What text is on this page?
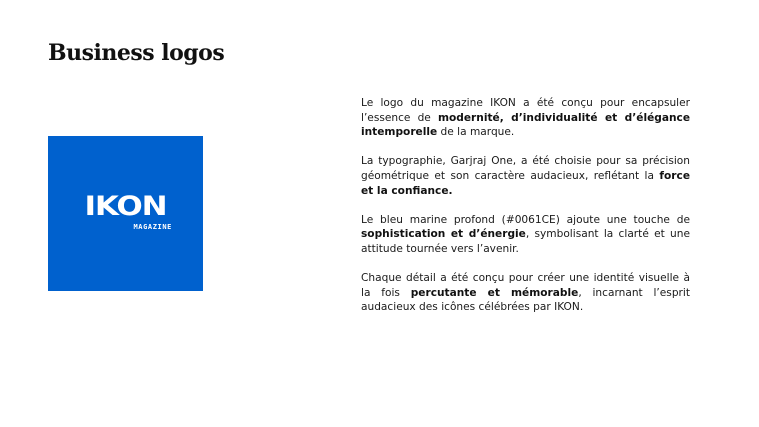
Business logos
IKON
MAGAZINE

Le logo du magazine IKON a été conçu pour encapsuler l’essence de modernité, d’individualité et d’élégance intemporelle de la marque.

La typographie, Garjraj One, a été choisie pour sa précision géométrique et son caractère audacieux, reflétant la force et la confiance.

Le bleu marine profond (#0061CE) ajoute une touche de sophistication et d’énergie, symbolisant la clarté et une attitude tournée vers l’avenir.

Chaque détail a été conçu pour créer une identité visuelle à la fois percutante et mémorable, incarnant l’esprit audacieux des icônes célébrées par IKON.
